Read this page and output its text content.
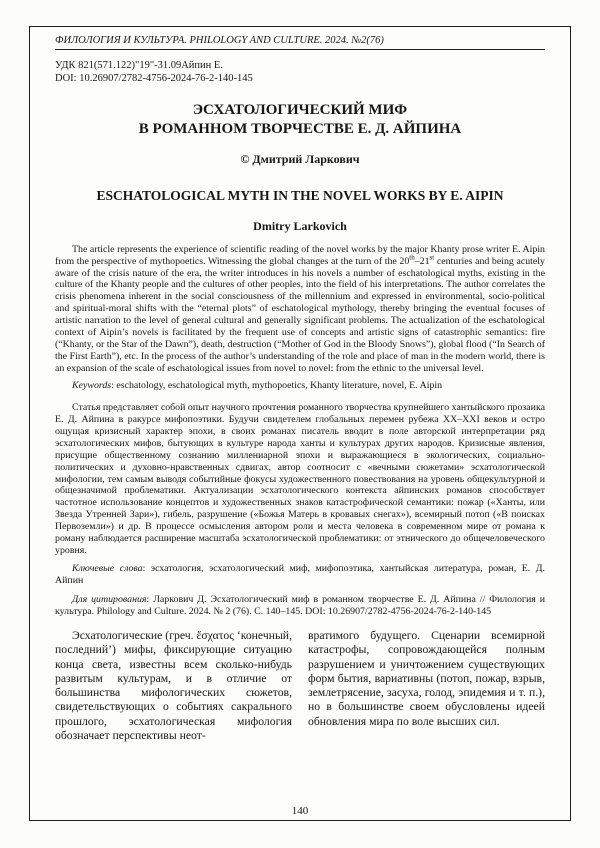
ФИЛОЛОГИЯ И КУЛЬТУРА. PHILOLOGY AND CULTURE. 2024. №2(76)
УДК 821(571.122)"19"-31.09Айпин Е.
DOI: 10.26907/2782-4756-2024-76-2-140-145
ЭСХАТОЛОГИЧЕСКИЙ МИФ
В РОМАННОМ ТВОРЧЕСТВЕ Е. Д. АЙПИНА
© Дмитрий Ларкович
ESCHATOLOGICAL MYTH IN THE NOVEL WORKS BY E. AIPIN
Dmitry Larkovich

The article represents the experience of scientific reading of the novel works by the major Khanty prose writer E. Aipin from the perspective of mythopoetics. Witnessing the global changes at the turn of the 20th–21st centuries and being acutely aware of the crisis nature of the era, the writer introduces in his novels a number of eschatological myths, existing in the culture of the Khanty people and the cultures of other peoples, into the field of his interpretations. The author correlates the crisis phenomena inherent in the social consciousness of the millennium and expressed in environmental, socio-political and spiritual-moral shifts with the “eternal plots” of eschatological mythology, thereby bringing the eventual focuses of artistic narration to the level of general cultural and generally significant problems. The actualization of the eschatological context of Aipin’s novels is facilitated by the frequent use of concepts and artistic signs of catastrophic semantics: fire (“Khanty, or the Star of the Dawn”), death, destruction (“Mother of God in the Bloody Snows”), global flood (“In Search of the First Earth”), etc. In the process of the author’s understanding of the role and place of man in the modern world, there is an expansion of the scale of eschatological issues from novel to novel: from the ethnic to the universal level.

Keywords: eschatology, eschatological myth, mythopoetics, Khanty literature, novel, E. Aipin

Статья представляет собой опыт научного прочтения романного творчества крупнейшего хантыйского прозаика Е. Д. Айпина в ракурсе мифопоэтики. Будучи свидетелем глобальных перемен рубежа XX–XXI веков и остро ощущая кризисный характер эпохи, в своих романах писатель вводит в поле авторской интерпретации ряд эсхатологических мифов, бытующих в культуре народа ханты и культурах других народов. Кризисные явления, присущие общественному сознанию миллениарной эпохи и выражающиеся в экологических, социально-политических и духовно-нравственных сдвигах, автор соотносит с «вечными сюжетами» эсхатологической мифологии, тем самым выводя событийные фокусы художественного повествования на уровень общекультурной и общезначимой проблематики. Актуализации эсхатологического контекста айпинских романов способствует частотное использование концептов и художественных знаков катастрофической семантики: пожар («Ханты, или Звезда Утренней Зари»), гибель, разрушение («Божья Матерь в кровавых снегах»), всемирный потоп («В поисках Первоземли») и др. В процессе осмысления автором роли и места человека в современном мире от романа к роману наблюдается расширение масштаба эсхатологической проблематики: от этнического до общечеловеческого уровня.

Ключевые слова: эсхатология, эсхатологический миф, мифопоэтика, хантыйская литература, роман, Е. Д. Айпин

Для цитирования: Ларкович Д. Эсхатологический миф в романном творчестве Е. Д. Айпина // Филология и культура. Philology and Culture. 2024. № 2 (76). С. 140–145. DOI: 10.26907/2782-4756-2024-76-2-140-145

Эсхатологические (греч. ἔσχατος ‘конечный, последний’) мифы, фиксирующие ситуацию конца света, известны всем сколько-нибудь развитым культурам, и в отличие от большинства мифологических сюжетов, свидетельствующих о событиях сакрального прошлого, эсхатологическая мифология обозначает перспективы неот-
вратимого будущего. Сценарии всемирной катастрофы, сопровождающейся полным разрушением и уничтожением существующих форм бытия, вариативны (потоп, пожар, взрыв, землетрясение, засуха, голод, эпидемия и т. п.), но в большинстве своем обусловлены идеей обновления мира по воле высших сил.
140
